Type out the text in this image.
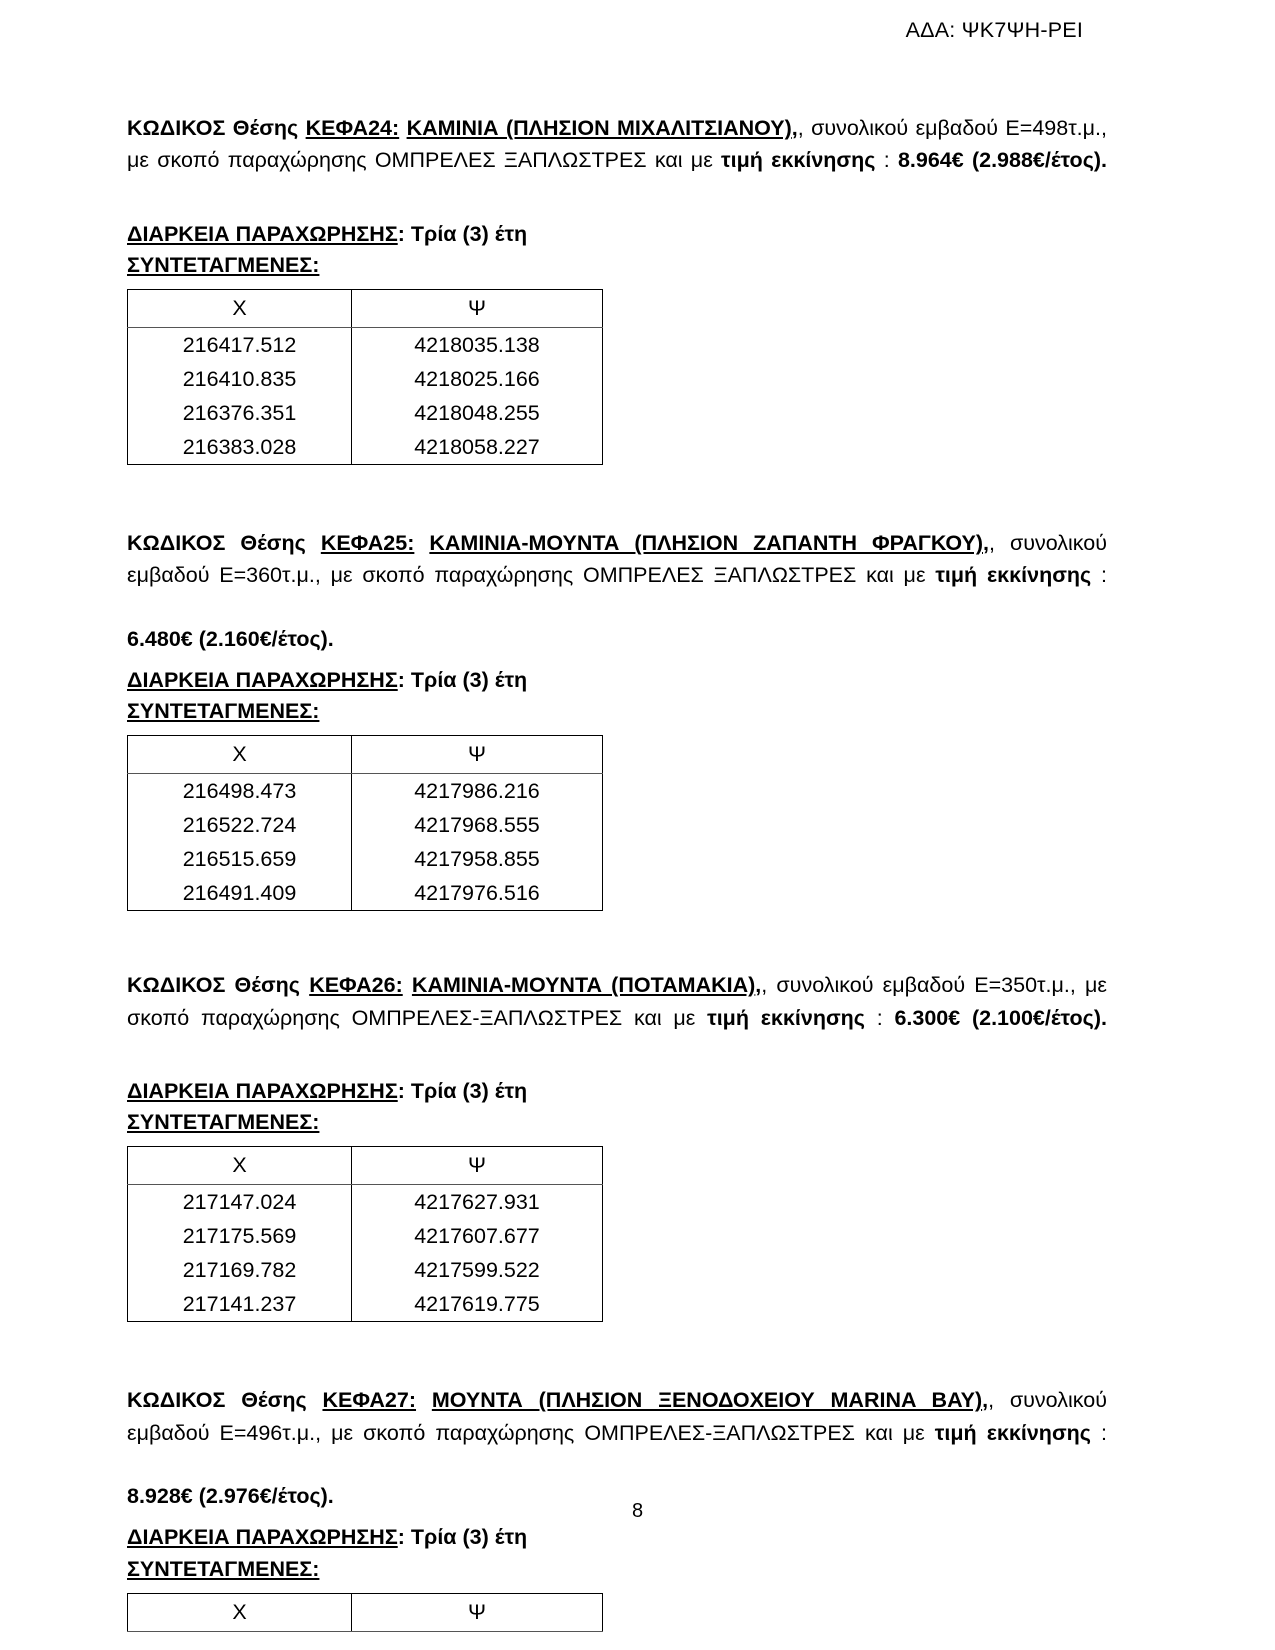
ΑΔΑ: ΨΚ7ΨΗ-ΡΕΙ

ΚΩΔΙΚΟΣ Θέσης ΚΕΦΑ24: ΚΑΜΙΝΙΑ (ΠΛΗΣΙΟΝ ΜΙΧΑΛΙΤΣΙΑΝΟΥ),, συνολικού εμβαδού Ε=498τ.μ., με σκοπό παραχώρησης ΟΜΠΡΕΛΕΣ ΞΑΠΛΩΣΤΡΕΣ και με τιμή εκκίνησης : 8.964€ (2.988€/έτος).

ΔΙΑΡΚΕΙΑ ΠΑΡΑΧΩΡΗΣΗΣ: Τρία (3) έτη

ΣΥΝΤΕΤΑΓΜΕΝΕΣ:

Χ	Ψ
216417.512	4218035.138
216410.835	4218025.166
216376.351	4218048.255
216383.028	4218058.227

ΚΩΔΙΚΟΣ Θέσης ΚΕΦΑ25: ΚΑΜΙΝΙΑ-ΜΟΥΝΤΑ (ΠΛΗΣΙΟΝ ΖΑΠΑΝΤΗ ΦΡΑΓΚΟΥ),, συνολικού εμβαδού Ε=360τ.μ., με σκοπό παραχώρησης ΟΜΠΡΕΛΕΣ ΞΑΠΛΩΣΤΡΕΣ και με τιμή εκκίνησης :

6.480€ (2.160€/έτος).

ΔΙΑΡΚΕΙΑ ΠΑΡΑΧΩΡΗΣΗΣ: Τρία (3) έτη

ΣΥΝΤΕΤΑΓΜΕΝΕΣ:

Χ	Ψ
216498.473	4217986.216
216522.724	4217968.555
216515.659	4217958.855
216491.409	4217976.516

ΚΩΔΙΚΟΣ Θέσης ΚΕΦΑ26: ΚΑΜΙΝΙΑ-ΜΟΥΝΤΑ (ΠΟΤΑΜΑΚΙΑ),, συνολικού εμβαδού Ε=350τ.μ., με σκοπό παραχώρησης ΟΜΠΡΕΛΕΣ-ΞΑΠΛΩΣΤΡΕΣ και με τιμή εκκίνησης : 6.300€ (2.100€/έτος).

ΔΙΑΡΚΕΙΑ ΠΑΡΑΧΩΡΗΣΗΣ: Τρία (3) έτη

ΣΥΝΤΕΤΑΓΜΕΝΕΣ:

Χ	Ψ
217147.024	4217627.931
217175.569	4217607.677
217169.782	4217599.522
217141.237	4217619.775

ΚΩΔΙΚΟΣ Θέσης ΚΕΦΑ27: ΜΟΥΝΤΑ (ΠΛΗΣΙΟΝ ΞΕΝΟΔΟΧΕΙΟΥ MARINA BAY),, συνολικού εμβαδού Ε=496τ.μ., με σκοπό παραχώρησης ΟΜΠΡΕΛΕΣ-ΞΑΠΛΩΣΤΡΕΣ και με τιμή εκκίνησης :

8.928€ (2.976€/έτος).

ΔΙΑΡΚΕΙΑ ΠΑΡΑΧΩΡΗΣΗΣ: Τρία (3) έτη

ΣΥΝΤΕΤΑΓΜΕΝΕΣ:

Χ	Ψ
8
